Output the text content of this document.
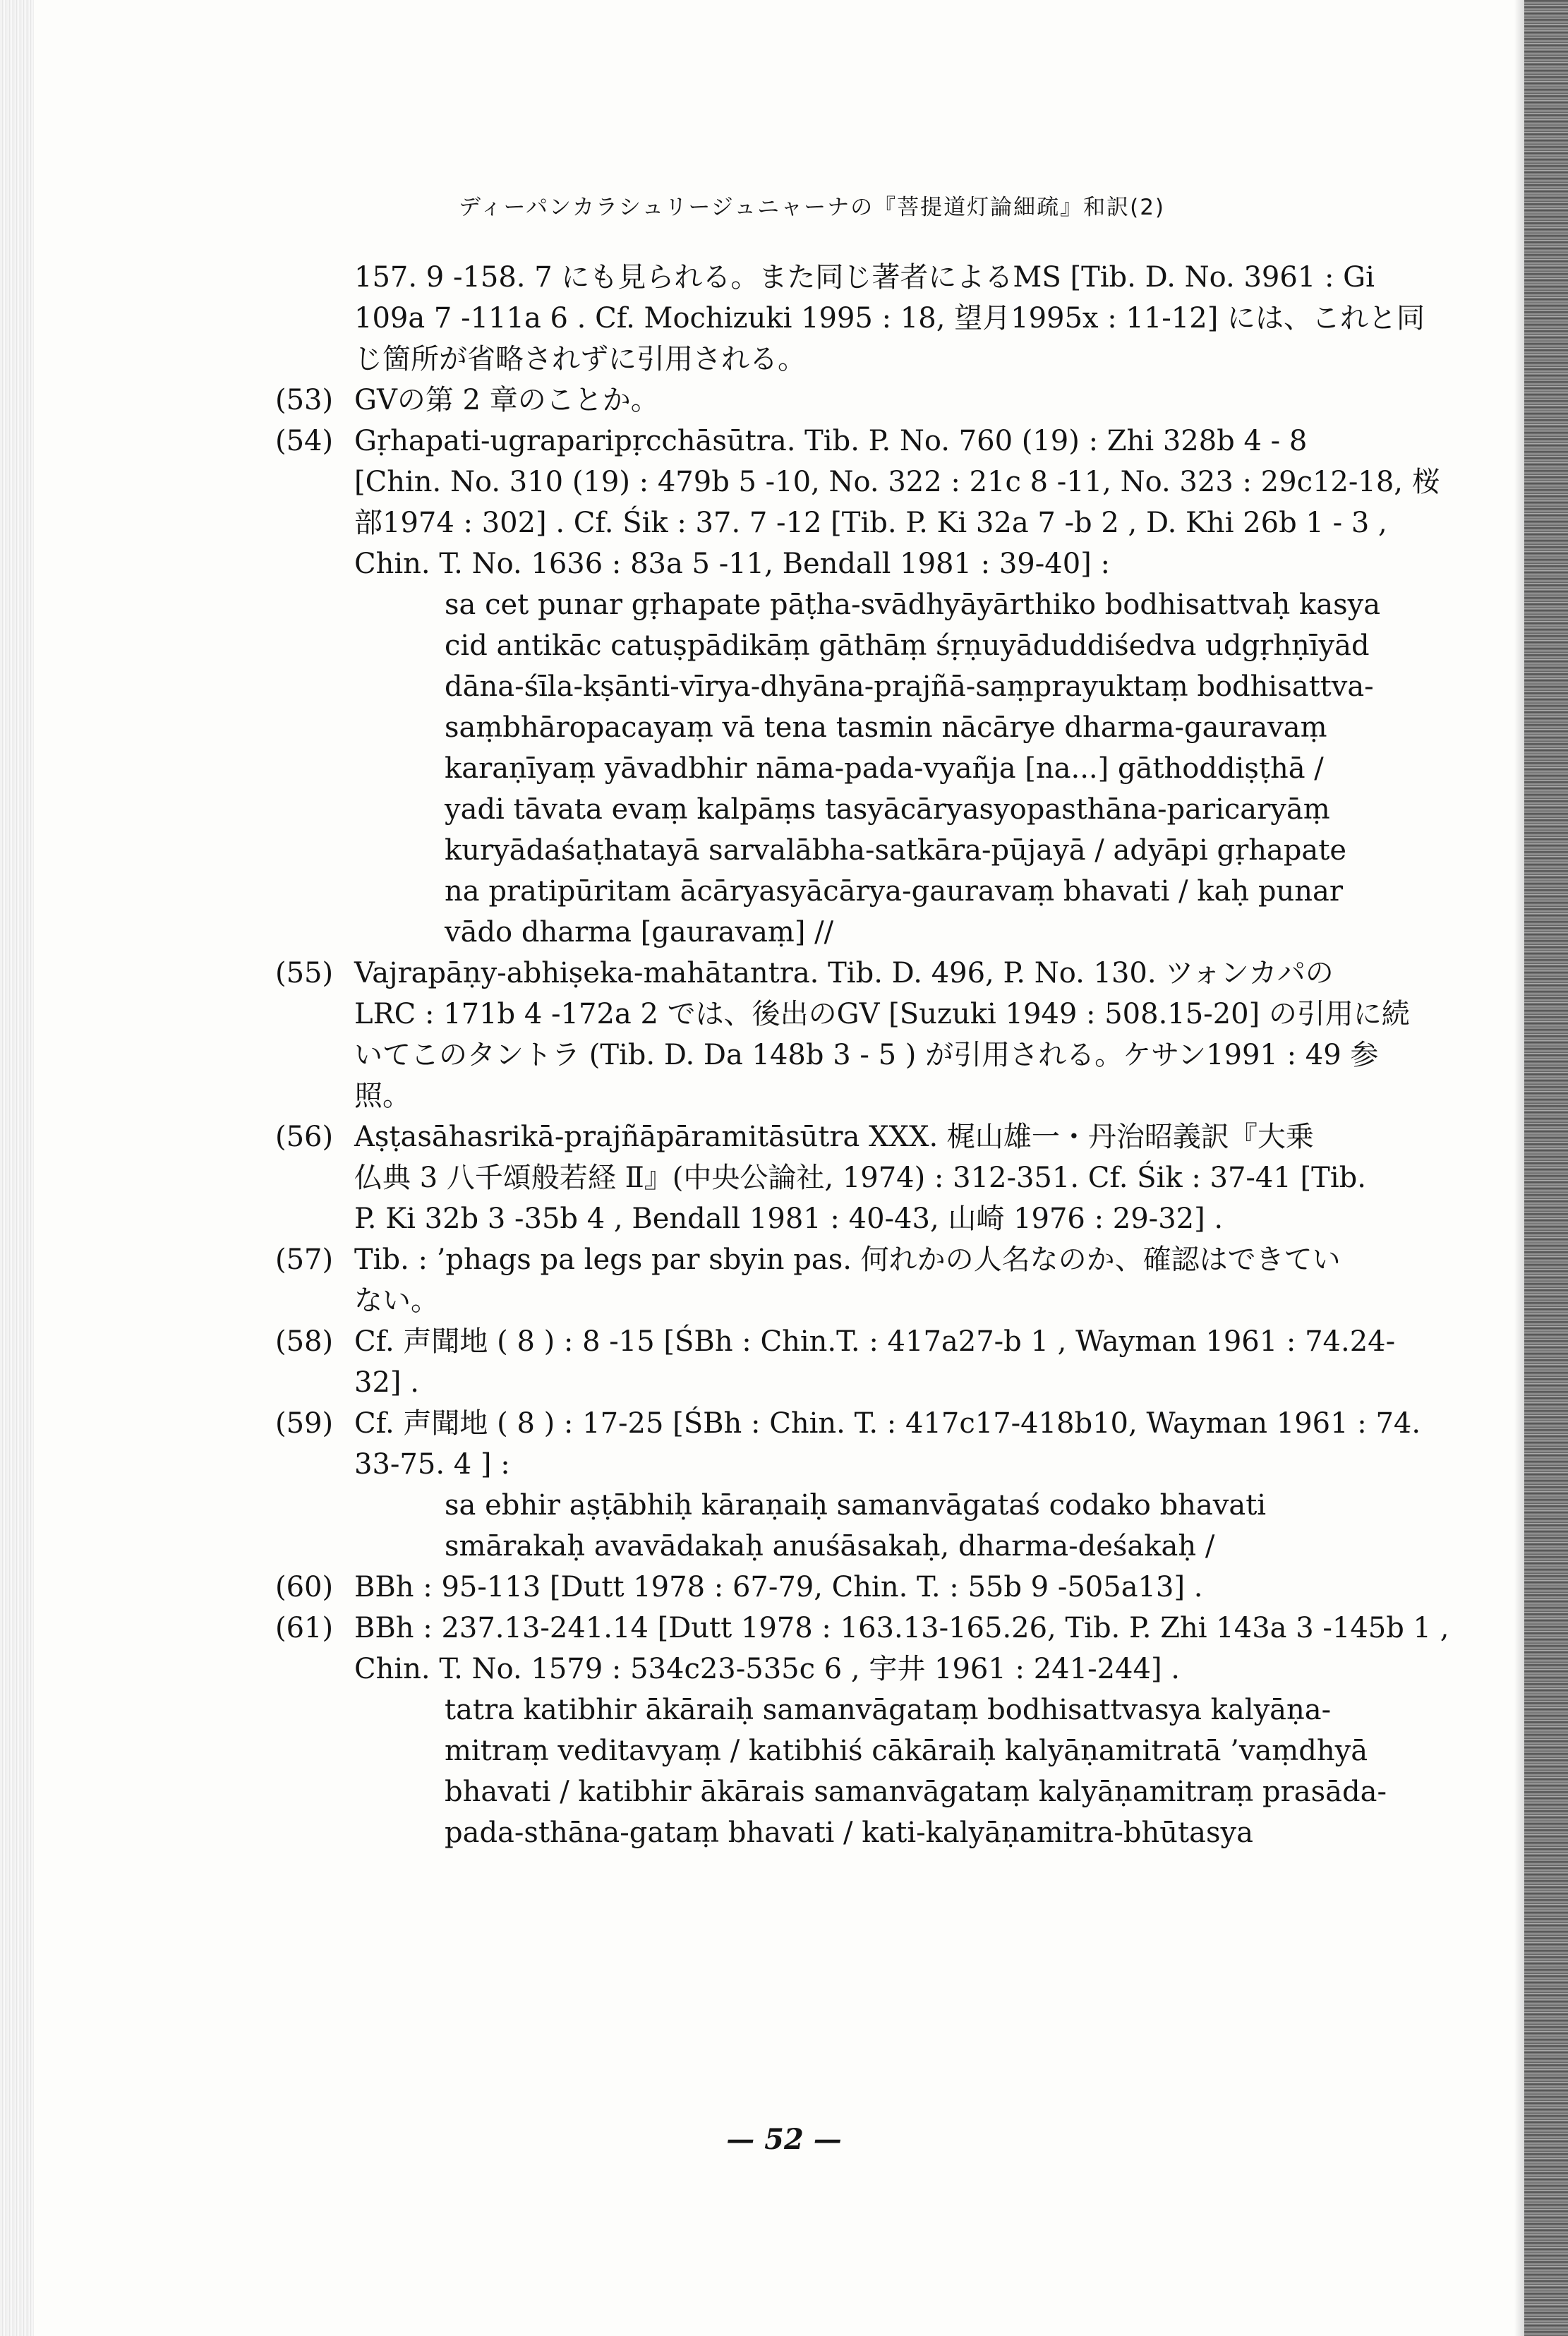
ディーパンカラシュリージュニャーナの『菩提道灯論細疏』和訳(2)
157. 9 -158. 7 にも見られる。また同じ著者によるMS [Tib. D. No. 3961 : Gi
109a 7 -111a 6 . Cf. Mochizuki 1995 : 18, 望月1995x : 11-12] には、これと同
じ箇所が省略されずに引用される。
(53) GVの第 2 章のことか。
(54) Gṛhapati-ugraparipṛcchāsūtra. Tib. P. No. 760 (19) : Zhi 328b 4 - 8
[Chin. No. 310 (19) : 479b 5 -10, No. 322 : 21c 8 -11, No. 323 : 29c12-18, 桜
部1974 : 302] . Cf. Śik : 37. 7 -12 [Tib. P. Ki 32a 7 -b 2 , D. Khi 26b 1 - 3 ,
Chin. T. No. 1636 : 83a 5 -11, Bendall 1981 : 39-40] :
sa cet punar gṛhapate pāṭha-svādhyāyārthiko bodhisattvaḥ kasya
cid antikāc catuṣpādikāṃ gāthāṃ śṛṇuyāduddiśedva udgṛhṇīyād
dāna-śīla-kṣānti-vīrya-dhyāna-prajñā-saṃprayuktaṃ bodhisattva-
saṃbhāropacayaṃ vā tena tasmin nācārye dharma-gauravaṃ
karaṇīyaṃ yāvadbhir nāma-pada-vyañja [na...] gāthoddiṣṭhā /
yadi tāvata evaṃ kalpāṃs tasyācāryasyopasthāna-paricaryāṃ
kuryādaśaṭhatayā sarvalābha-satkāra-pūjayā / adyāpi gṛhapate
na pratipūritam ācāryasyācārya-gauravaṃ bhavati / kaḥ punar
vādo dharma [gauravaṃ] //
(55) Vajrapāṇy-abhiṣeka-mahātantra. Tib. D. 496, P. No. 130. ツォンカパの
LRC : 171b 4 -172a 2 では、後出のGV [Suzuki 1949 : 508.15-20] の引用に続
いてこのタントラ (Tib. D. Da 148b 3 - 5 ) が引用される。ケサン1991 : 49 参
照。
(56) Aṣṭasāhasrikā-prajñāpāramitāsūtra XXX. 梶山雄一・丹治昭義訳『大乗
仏典 3 八千頌般若経 Ⅱ』(中央公論社, 1974) : 312-351. Cf. Śik : 37-41 [Tib.
P. Ki 32b 3 -35b 4 , Bendall 1981 : 40-43, 山崎 1976 : 29-32] .
(57) Tib. : ’phags pa legs par sbyin pas. 何れかの人名なのか、確認はできてい
ない。
(58) Cf. 声聞地 ( 8 ) : 8 -15 [ŚBh : Chin.T. : 417a27-b 1 , Wayman 1961 : 74.24-
32] .
(59) Cf. 声聞地 ( 8 ) : 17-25 [ŚBh : Chin. T. : 417c17-418b10, Wayman 1961 : 74.
33-75. 4 ] :
sa ebhir aṣṭābhiḥ kāraṇaiḥ samanvāgataś codako bhavati
smārakaḥ avavādakaḥ anuśāsakaḥ, dharma-deśakaḥ /
(60) BBh : 95-113 [Dutt 1978 : 67-79, Chin. T. : 55b 9 -505a13] .
(61) BBh : 237.13-241.14 [Dutt 1978 : 163.13-165.26, Tib. P. Zhi 143a 3 -145b 1 ,
Chin. T. No. 1579 : 534c23-535c 6 , 宇井 1961 : 241-244] .
tatra katibhir ākāraiḥ samanvāgataṃ bodhisattvasya kalyāṇa-
mitraṃ veditavyaṃ / katibhiś cākāraiḥ kalyāṇamitratā ’vaṃdhyā
bhavati / katibhir ākārais samanvāgataṃ kalyāṇamitraṃ prasāda-
pada-sthāna-gataṃ bhavati / kati-kalyāṇamitra-bhūtasya
— 52 —
